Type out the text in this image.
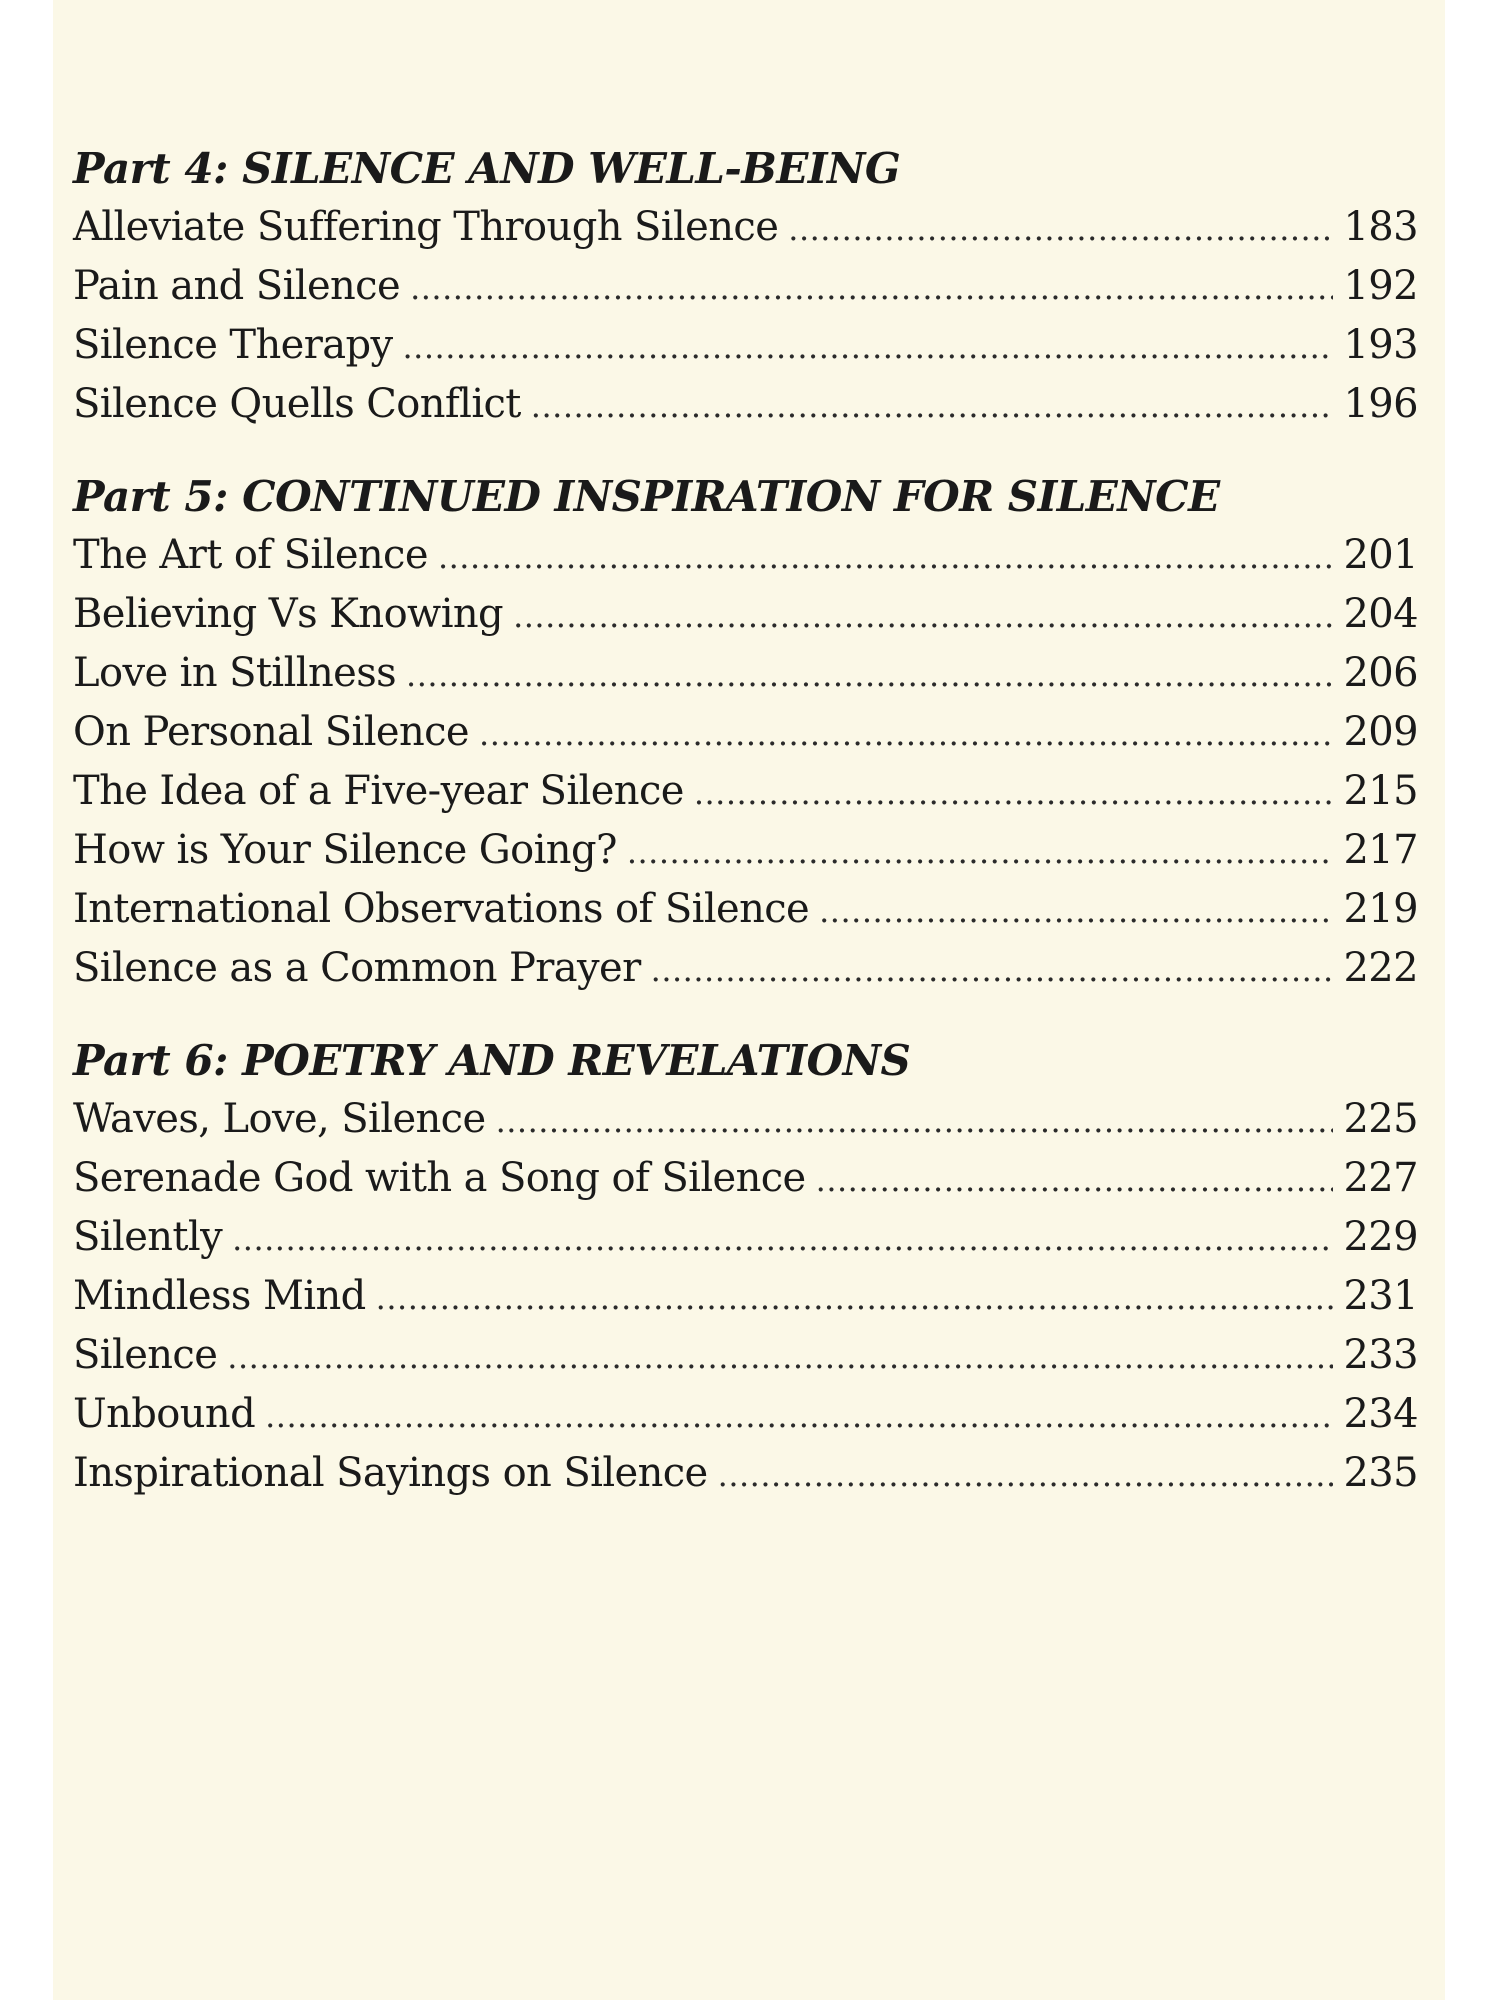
Part 4: SILENCE AND WELL-BEING
Alleviate Suffering Through Silence .....	183
Pain and Silence .....	192
Silence Therapy .....	193
Silence Quells Conflict .....	196
Part 5: CONTINUED INSPIRATION FOR SILENCE
The Art of Silence .....	201
Believing Vs Knowing .....	204
Love in Stillness .....	206
On Personal Silence .....	209
The Idea of a Five-year Silence .....	215
How is Your Silence Going? .....	217
International Observations of Silence .....	219
Silence as a Common Prayer .....	222
Part 6: POETRY AND REVELATIONS
Waves, Love, Silence .....	225
Serenade God with a Song of Silence .....	227
Silently .....	229
Mindless Mind .....	231
Silence .....	233
Unbound .....	234
Inspirational Sayings on Silence .....	235
